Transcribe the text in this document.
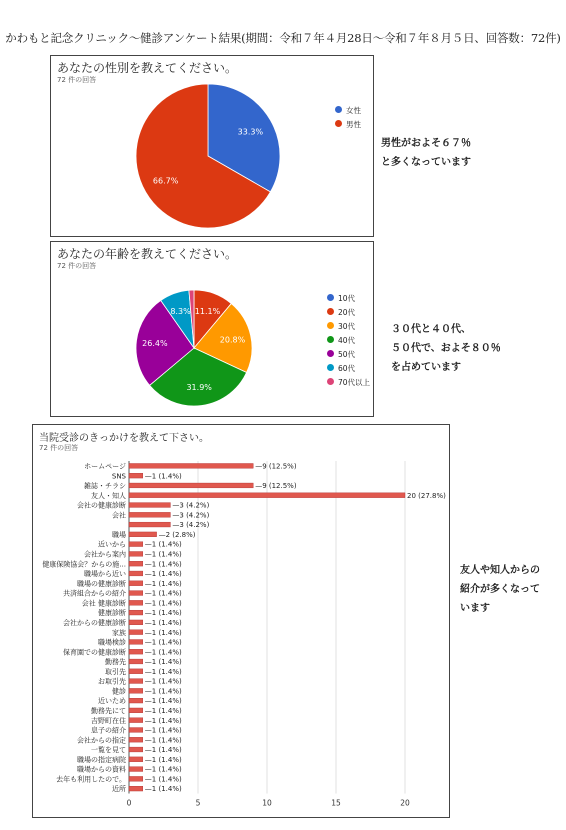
かわもと記念クリニック～健診アンケート結果(期間：令和７年４月28日～令和７年８月５日、回答数：72件)
あなたの性別を教えてください。
72 件の回答
33.3%
66.7%
女性
男性
男性がおよそ６７％
と多くなっています
あなたの年齢を教えてください。
72 件の回答
11.1%
20.8%
31.9%
26.4%
8.3%
10代
20代
30代
40代
50代
60代
70代以上
３０代と４０代、
５０代で、およそ８０％
を占めています
当院受診のきっかけを教えて下さい。
72 件の回答
0	5	10	15	20
ホームページ	—9 (12.5%)
SNS	—1 (1.4%)
雑誌・チラシ	—9 (12.5%)
友人・知人	20 (27.8%)
会社の健康診断	—3 (4.2%)
会社	—3 (4.2%)
—3 (4.2%)
職場	—2 (2.8%)
近いから	—1 (1.4%)
会社から案内	—1 (1.4%)
健康保険協会？からの施...	—1 (1.4%)
職場から近い	—1 (1.4%)
職場の健康診断	—1 (1.4%)
共済組合からの紹介	—1 (1.4%)
会社 健康診断	—1 (1.4%)
健康診断	—1 (1.4%)
会社からの健康診断	—1 (1.4%)
家族	—1 (1.4%)
職場検診	—1 (1.4%)
保育園での健康診断	—1 (1.4%)
勤務先	—1 (1.4%)
取引先	—1 (1.4%)
お取引先	—1 (1.4%)
健診	—1 (1.4%)
近いため	—1 (1.4%)
勤務先にて	—1 (1.4%)
吉野町在住	—1 (1.4%)
息子の紹介	—1 (1.4%)
会社からの指定	—1 (1.4%)
一覧を見て	—1 (1.4%)
職場の指定病院	—1 (1.4%)
職場からの資料	—1 (1.4%)
去年も利用したので。	—1 (1.4%)
近所	—1 (1.4%)
友人や知人からの
紹介が多くなって
います
